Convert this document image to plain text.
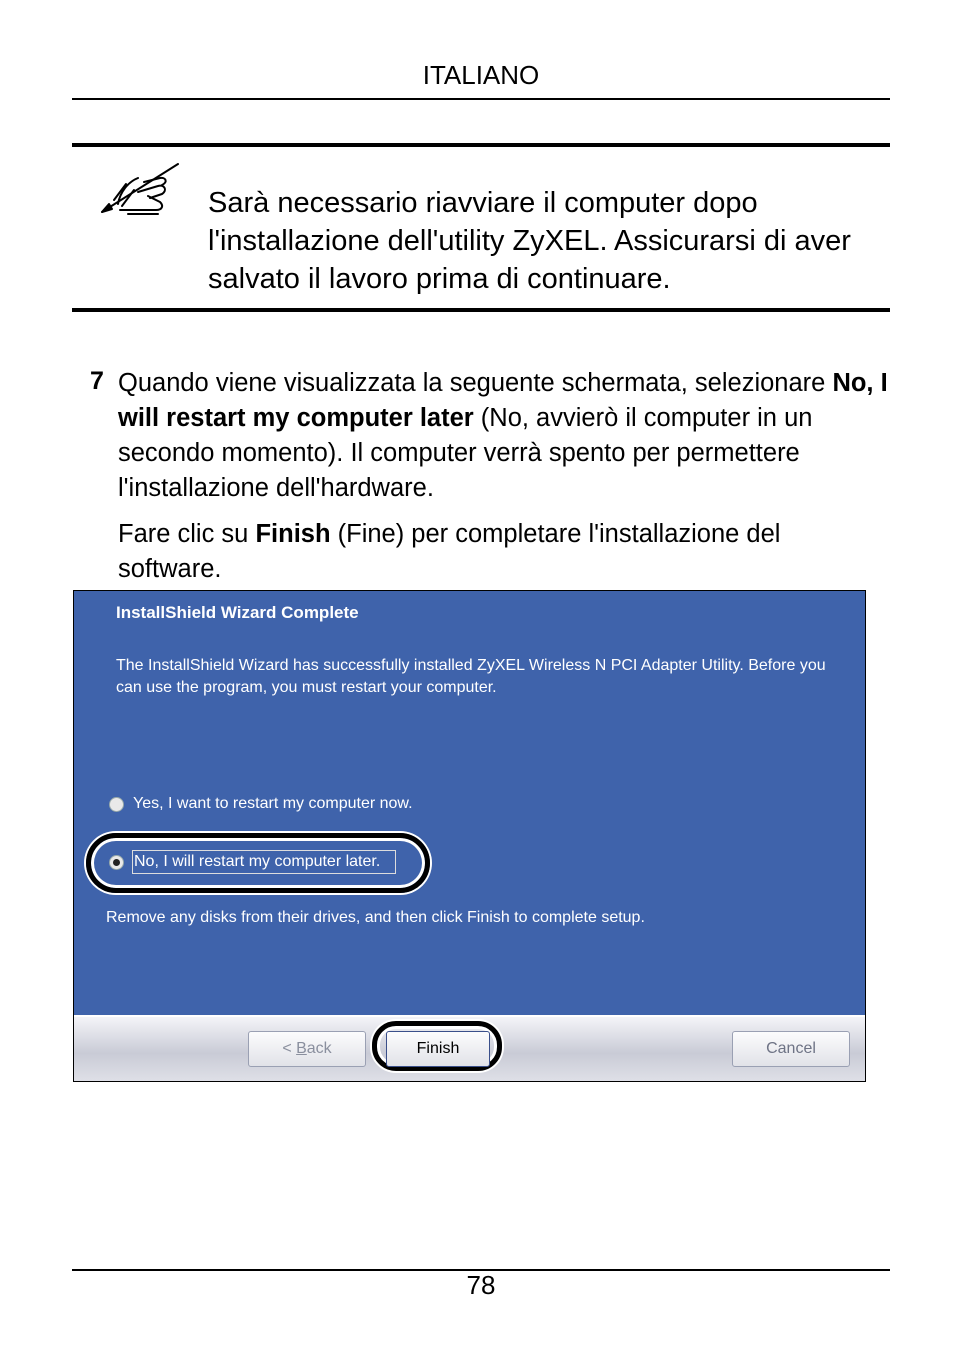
ITALIANO
Sarà necessario riavviare il computer dopo l'installazione dell'utility ZyXEL. Assicurarsi di aver salvato il lavoro prima di continuare.
7 Quando viene visualizzata la seguente schermata, selezionare No, I will restart my computer later (No, avvierò il computer in un secondo momento). Il computer verrà spento per permettere l'installazione dell'hardware.
Fare clic su Finish (Fine) per completare l'installazione del software.
InstallShield Wizard Complete
The InstallShield Wizard has successfully installed ZyXEL Wireless N PCI Adapter Utility. Before you can use the program, you must restart your computer.
Yes, I want to restart my computer now.
No, I will restart my computer later.
Remove any disks from their drives, and then click Finish to complete setup.
< Back	Finish	Cancel
78
